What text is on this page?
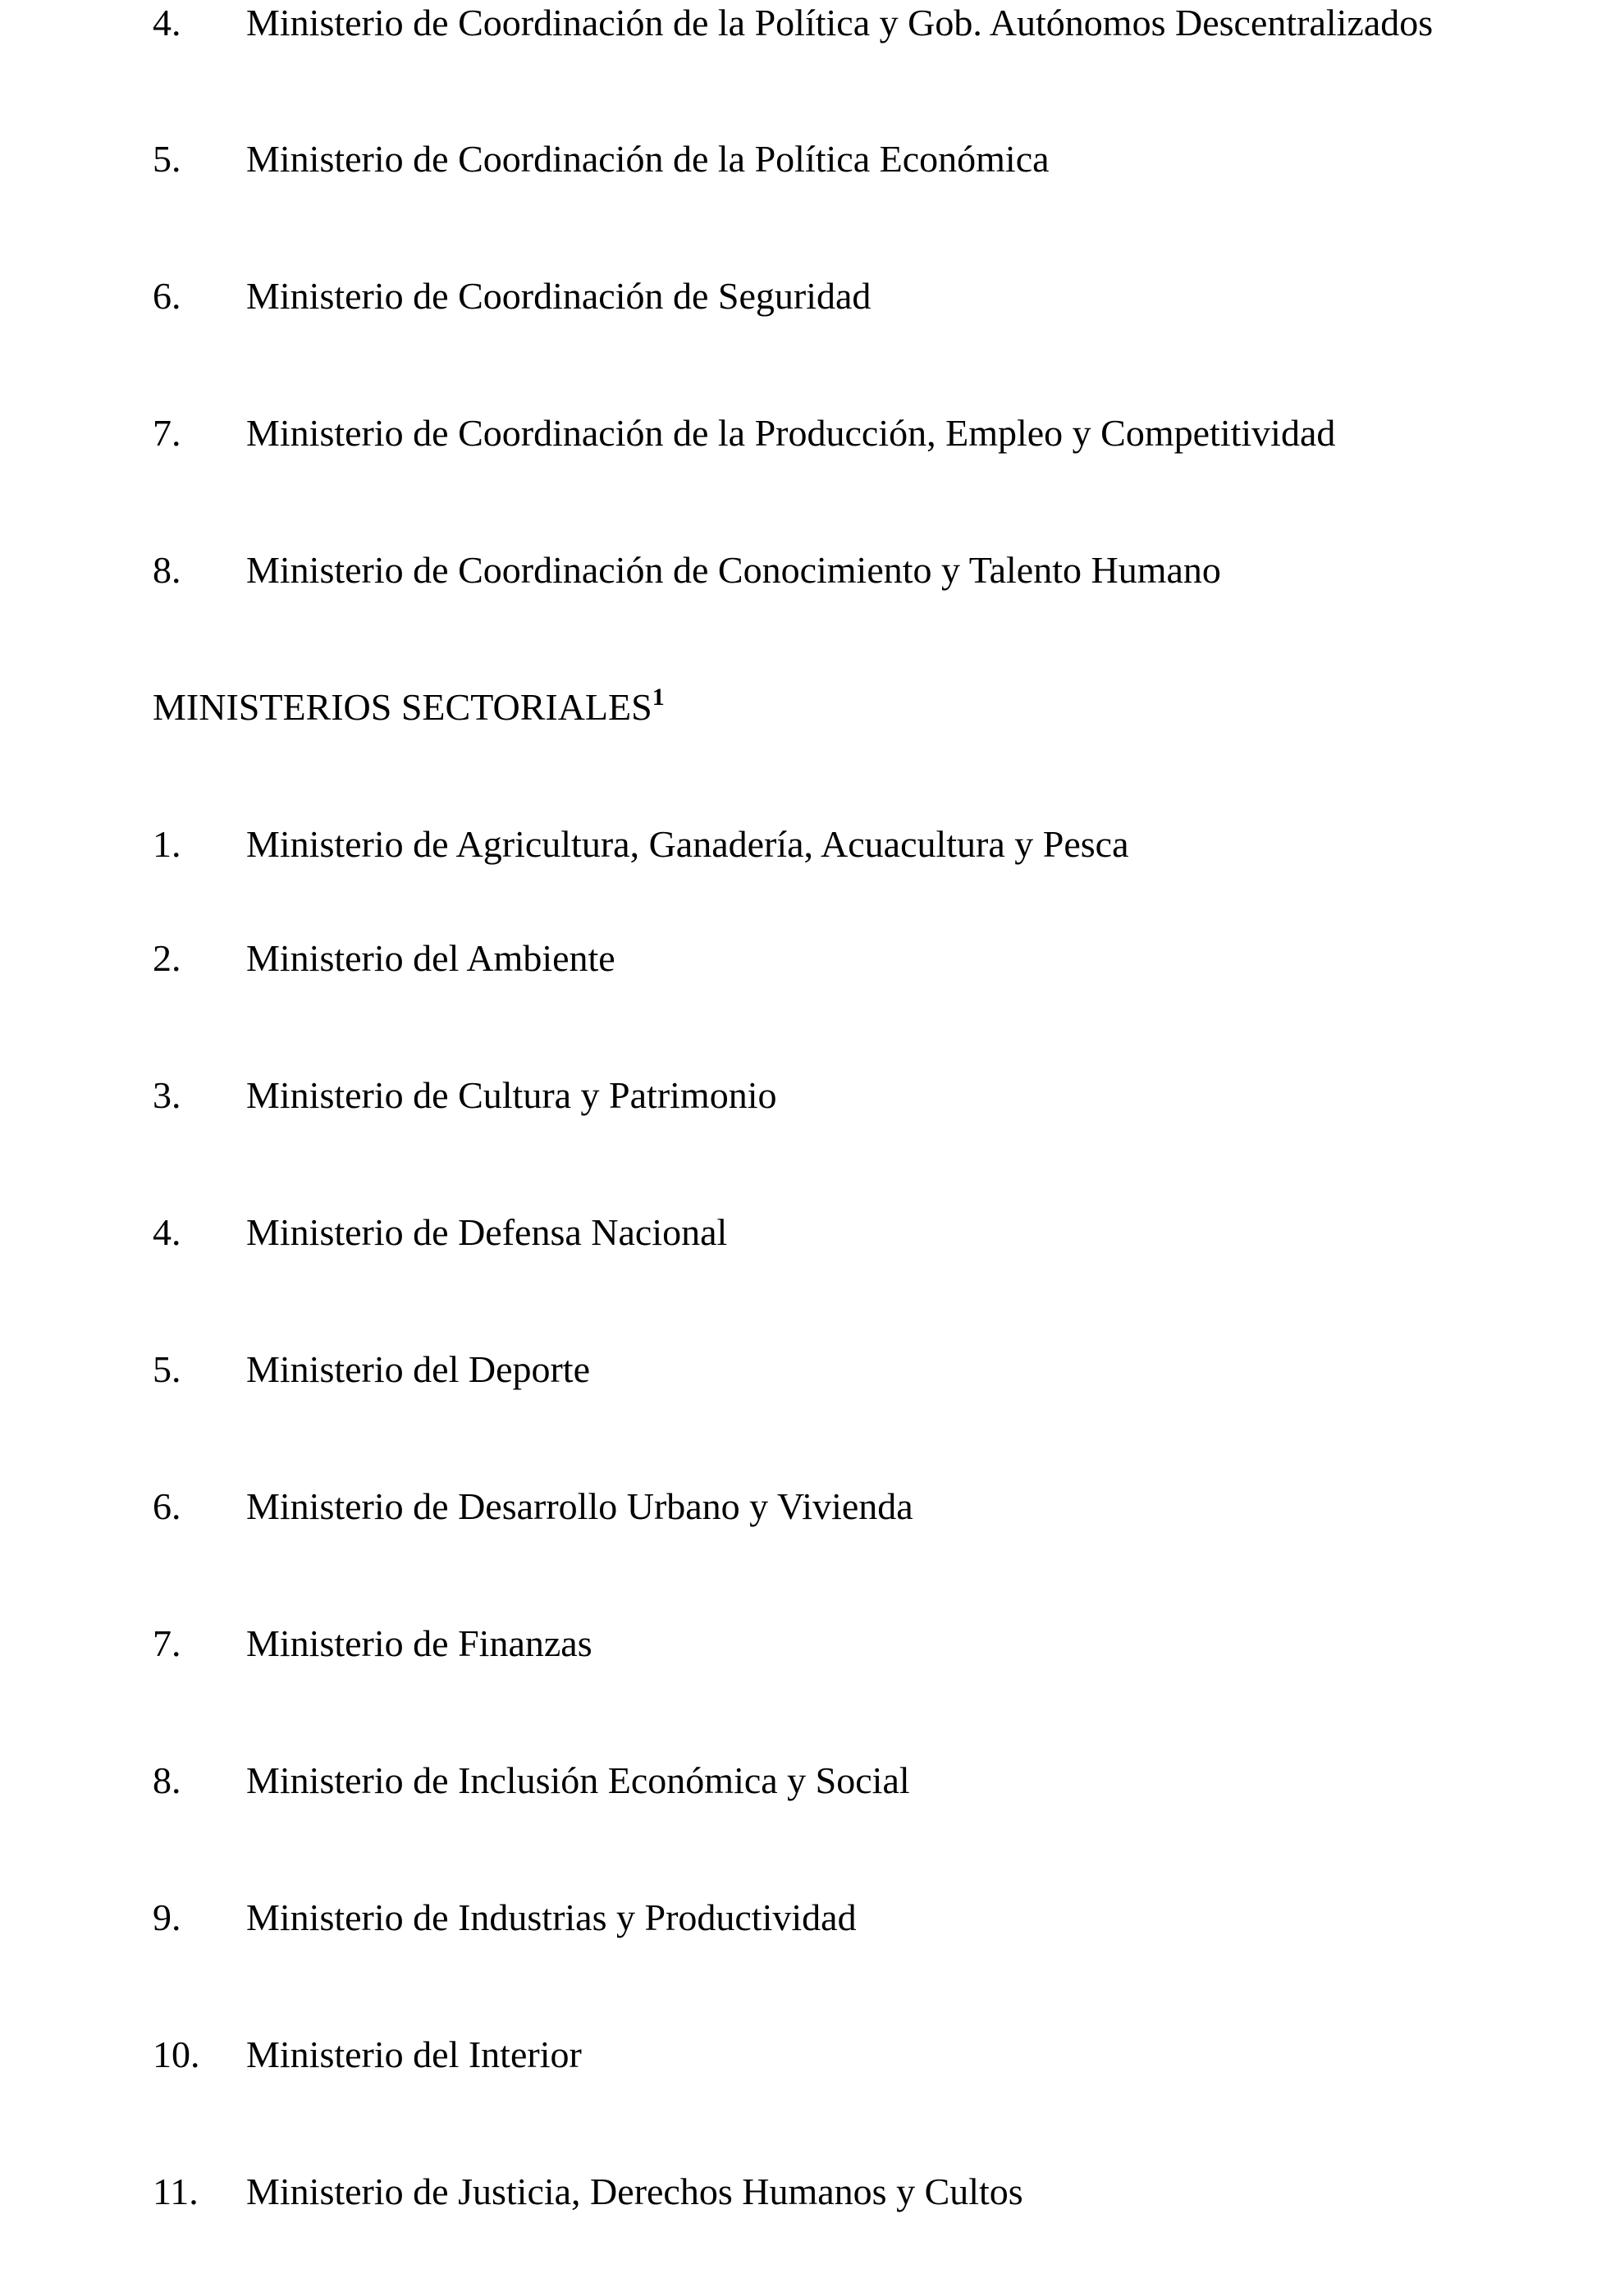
4. Ministerio de Coordinación de la Política y Gob. Autónomos Descentralizados
5. Ministerio de Coordinación de la Política Económica
6. Ministerio de Coordinación de Seguridad
7. Ministerio de Coordinación de la Producción, Empleo y Competitividad
8. Ministerio de Coordinación de Conocimiento y Talento Humano
MINISTERIOS SECTORIALES$^1$
1. Ministerio de Agricultura, Ganadería, Acuacultura y Pesca
2. Ministerio del Ambiente
3. Ministerio de Cultura y Patrimonio
4. Ministerio de Defensa Nacional
5. Ministerio del Deporte
6. Ministerio de Desarrollo Urbano y Vivienda
7. Ministerio de Finanzas
8. Ministerio de Inclusión Económica y Social
9. Ministerio de Industrias y Productividad
10. Ministerio del Interior
11. Ministerio de Justicia, Derechos Humanos y Cultos
